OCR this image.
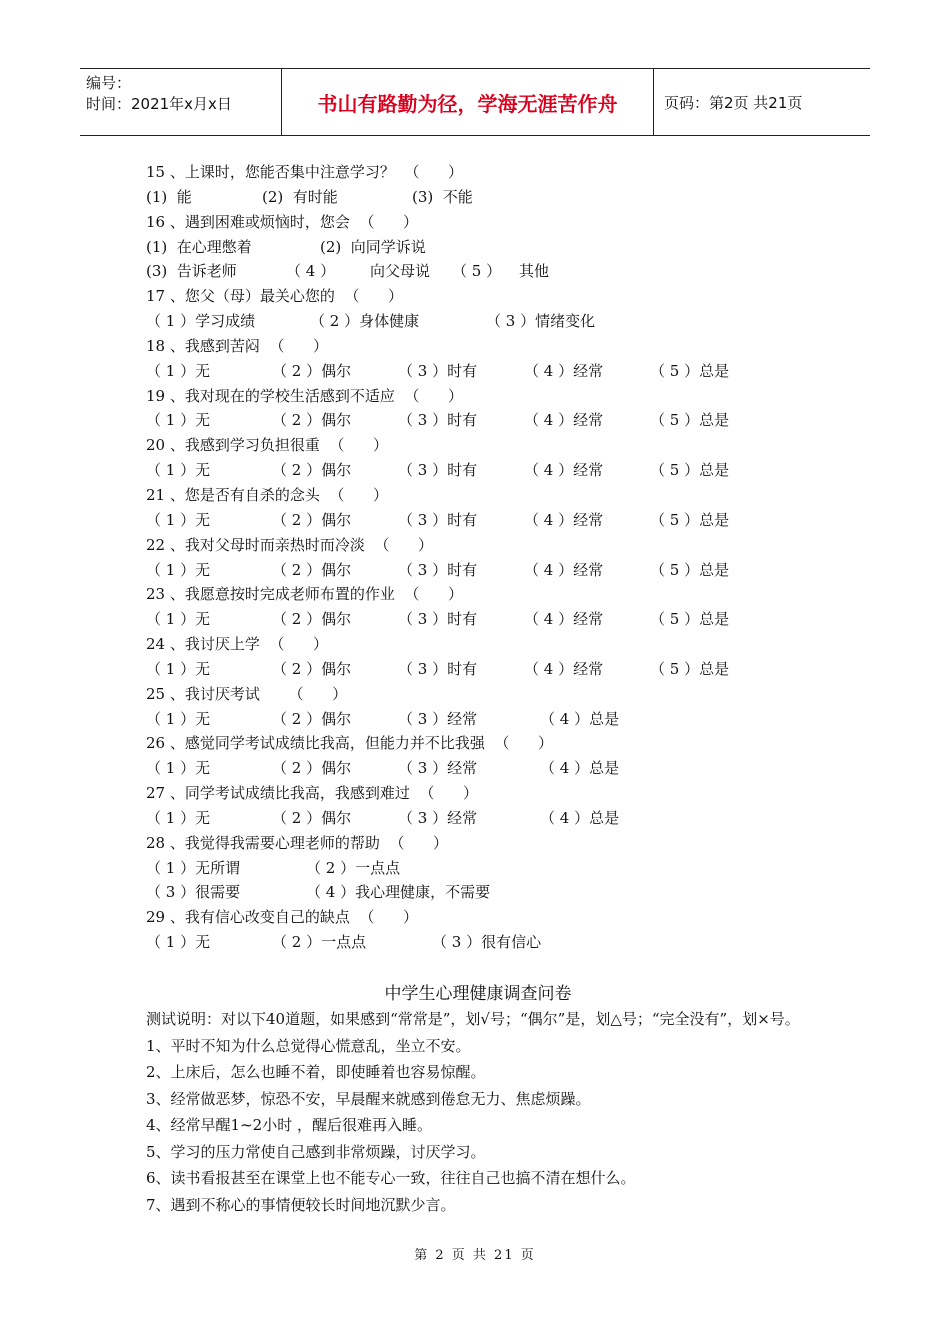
编号：
时间：2021年x月x日	书山有路勤为径，学海无涯苦作舟	页码：第2页 共21页
15 、上课时，您能否集中注意学习？  （      ）
(1)  能	(2)  有时能	(3)  不能
16 、遇到困难或烦恼时，您会  （      ）
(1)  在心理憋着	(2)  向同学诉说
(3)  告诉老师	（ 4 ） 向父母说 （ 5 ） 其他
17 、您父（母）最关心您的  （      ）
（ 1 ）学习成绩	（ 2 ）身体健康	（ 3 ）情绪变化
18 、我感到苦闷  （      ）
（ 1 ）无	（ 2 ）偶尔	（ 3 ）时有	（ 4 ）经常	（ 5 ）总是
19 、我对现在的学校生活感到不适应  （      ）
（ 1 ）无	（ 2 ）偶尔	（ 3 ）时有	（ 4 ）经常	（ 5 ）总是
20 、我感到学习负担很重  （      ）
（ 1 ）无	（ 2 ）偶尔	（ 3 ）时有	（ 4 ）经常	（ 5 ）总是
21 、您是否有自杀的念头  （      ）
（ 1 ）无	（ 2 ）偶尔	（ 3 ）时有	（ 4 ）经常	（ 5 ）总是
22 、我对父母时而亲热时而冷淡  （      ）
（ 1 ）无	（ 2 ）偶尔	（ 3 ）时有	（ 4 ）经常	（ 5 ）总是
23 、我愿意按时完成老师布置的作业  （      ）
（ 1 ）无	（ 2 ）偶尔	（ 3 ）时有	（ 4 ）经常	（ 5 ）总是
24 、我讨厌上学  （      ）
（ 1 ）无	（ 2 ）偶尔	（ 3 ）时有	（ 4 ）经常	（ 5 ）总是
25 、我讨厌考试      （      ）
（ 1 ）无	（ 2 ）偶尔	（ 3 ）经常	（ 4 ）总是
26 、感觉同学考试成绩比我高，但能力并不比我强  （      ）
（ 1 ）无	（ 2 ）偶尔	（ 3 ）经常	（ 4 ）总是
27 、同学考试成绩比我高，我感到难过  （      ）
（ 1 ）无	（ 2 ）偶尔	（ 3 ）经常	（ 4 ）总是
28 、我觉得我需要心理老师的帮助  （      ）
（ 1 ）无所谓	（ 2 ）一点点
（ 3 ）很需要	（ 4 ）我心理健康，不需要
29 、我有信心改变自己的缺点  （      ）
（ 1 ）无	（ 2 ）一点点	（ 3 ）很有信心
中学生心理健康调查问卷

测试说明：对以下40道题，如果感到“常常是”，划√号；“偶尔”是，划△号；“完全没有”，划×号。

1、平时不知为什么总觉得心慌意乱，坐立不安。

2、上床后，怎么也睡不着，即使睡着也容易惊醒。

3、经常做恶梦，惊恐不安，早晨醒来就感到倦怠无力、焦虑烦躁。

4、经常早醒1~2小时 ，醒后很难再入睡。

5、学习的压力常使自己感到非常烦躁，讨厌学习。

6、读书看报甚至在课堂上也不能专心一致，往往自己也搞不清在想什么。

7、遇到不称心的事情便较长时间地沉默少言。

第 2 页 共 21 页
